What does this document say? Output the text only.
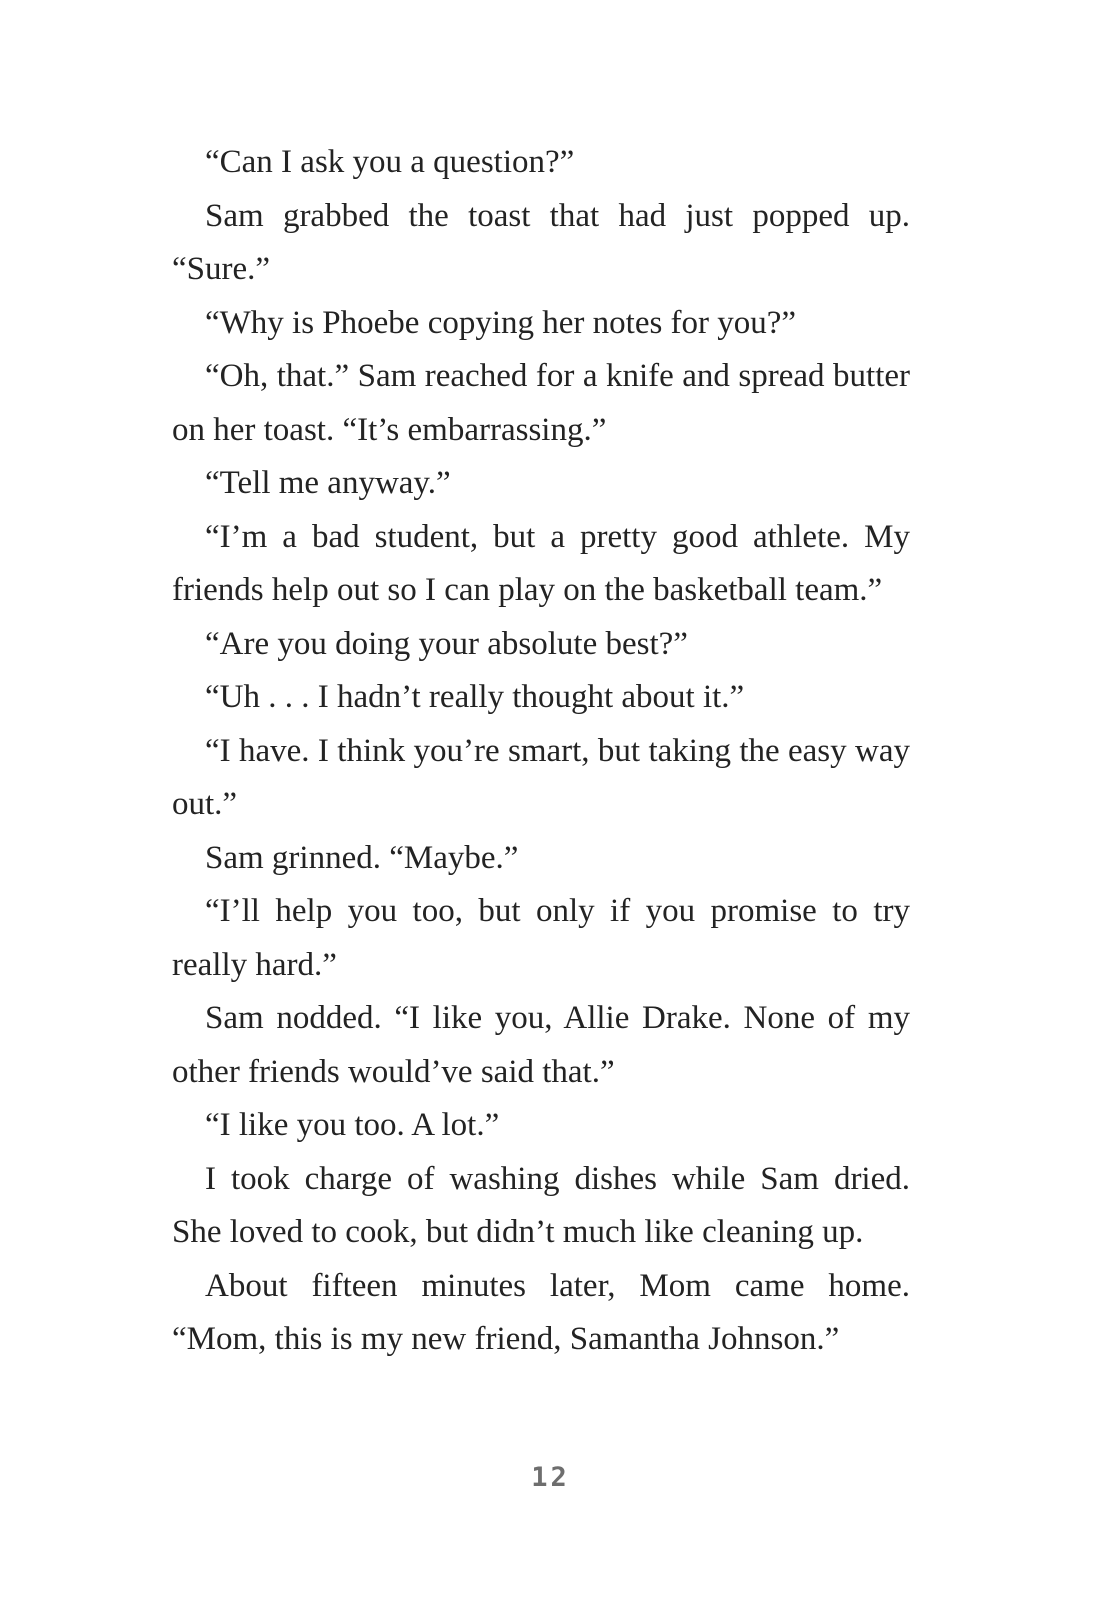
“Can I ask you a question?”

Sam grabbed the toast that had just popped up. “Sure.”

“Why is Phoebe copying her notes for you?”

“Oh, that.” Sam reached for a knife and spread butter on her toast. “It’s embarrassing.”

“Tell me anyway.”

“I’m a bad student, but a pretty good athlete. My friends help out so I can play on the basketball team.”

“Are you doing your absolute best?”

“Uh . . . I hadn’t really thought about it.”

“I have. I think you’re smart, but taking the easy way out.”

Sam grinned. “Maybe.”

“I’ll help you too, but only if you promise to try really hard.”

Sam nodded. “I like you, Allie Drake. None of my other friends would’ve said that.”

“I like you too. A lot.”

I took charge of washing dishes while Sam dried. She loved to cook, but didn’t much like cleaning up.

About fifteen minutes later, Mom came home. “Mom, this is my new friend, Samantha Johnson.”

12
